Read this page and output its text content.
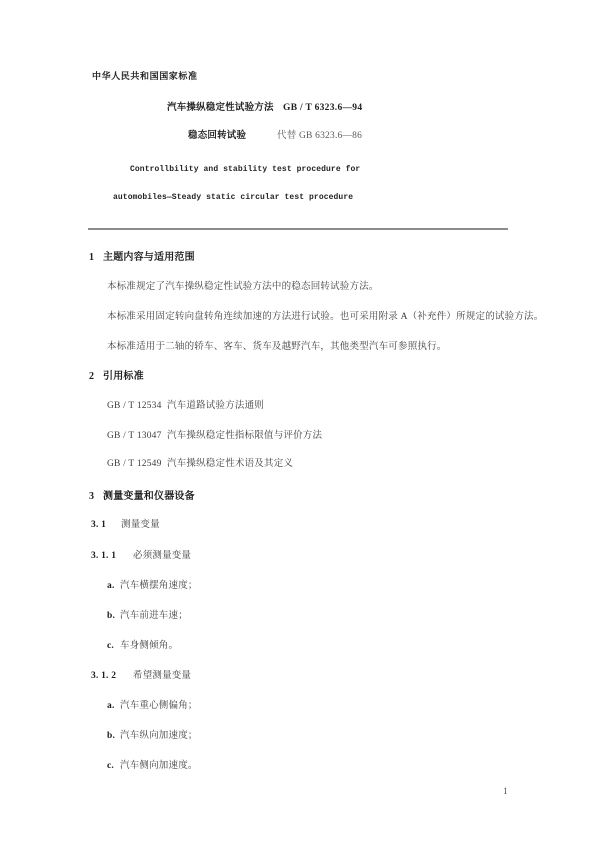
中华人民共和国国家标准
汽车操纵稳定性试验方法 GB / T 6323.6—94
稳态回转试验	代替 GB 6323.6—86
Controllbility and stability test procedure for
automobiles—Steady static circular test procedure
1 主题内容与适用范围
本标准规定了汽车操纵稳定性试验方法中的稳态回转试验方法。
本标准采用固定转向盘转角连续加速的方法进行试验。也可采用附录 A（补充件）所规定的试验方法。
本标准适用于二轴的轿车、客车、货车及越野汽车，其他类型汽车可参照执行。
2 引用标准
GB / T 12534 汽车道路试验方法通则
GB / T 13047 汽车操纵稳定性指标限值与评价方法
GB / T 12549 汽车操纵稳定性术语及其定义
3 测量变量和仪器设备
3. 1 测量变量
3. 1. 1 必须测量变量
a. 汽车横摆角速度；
b. 汽车前进车速；
c. 车身侧倾角。
3. 1. 2 希望测量变量
a. 汽车重心侧偏角；
b. 汽车纵向加速度；
c. 汽车侧向加速度。
1
